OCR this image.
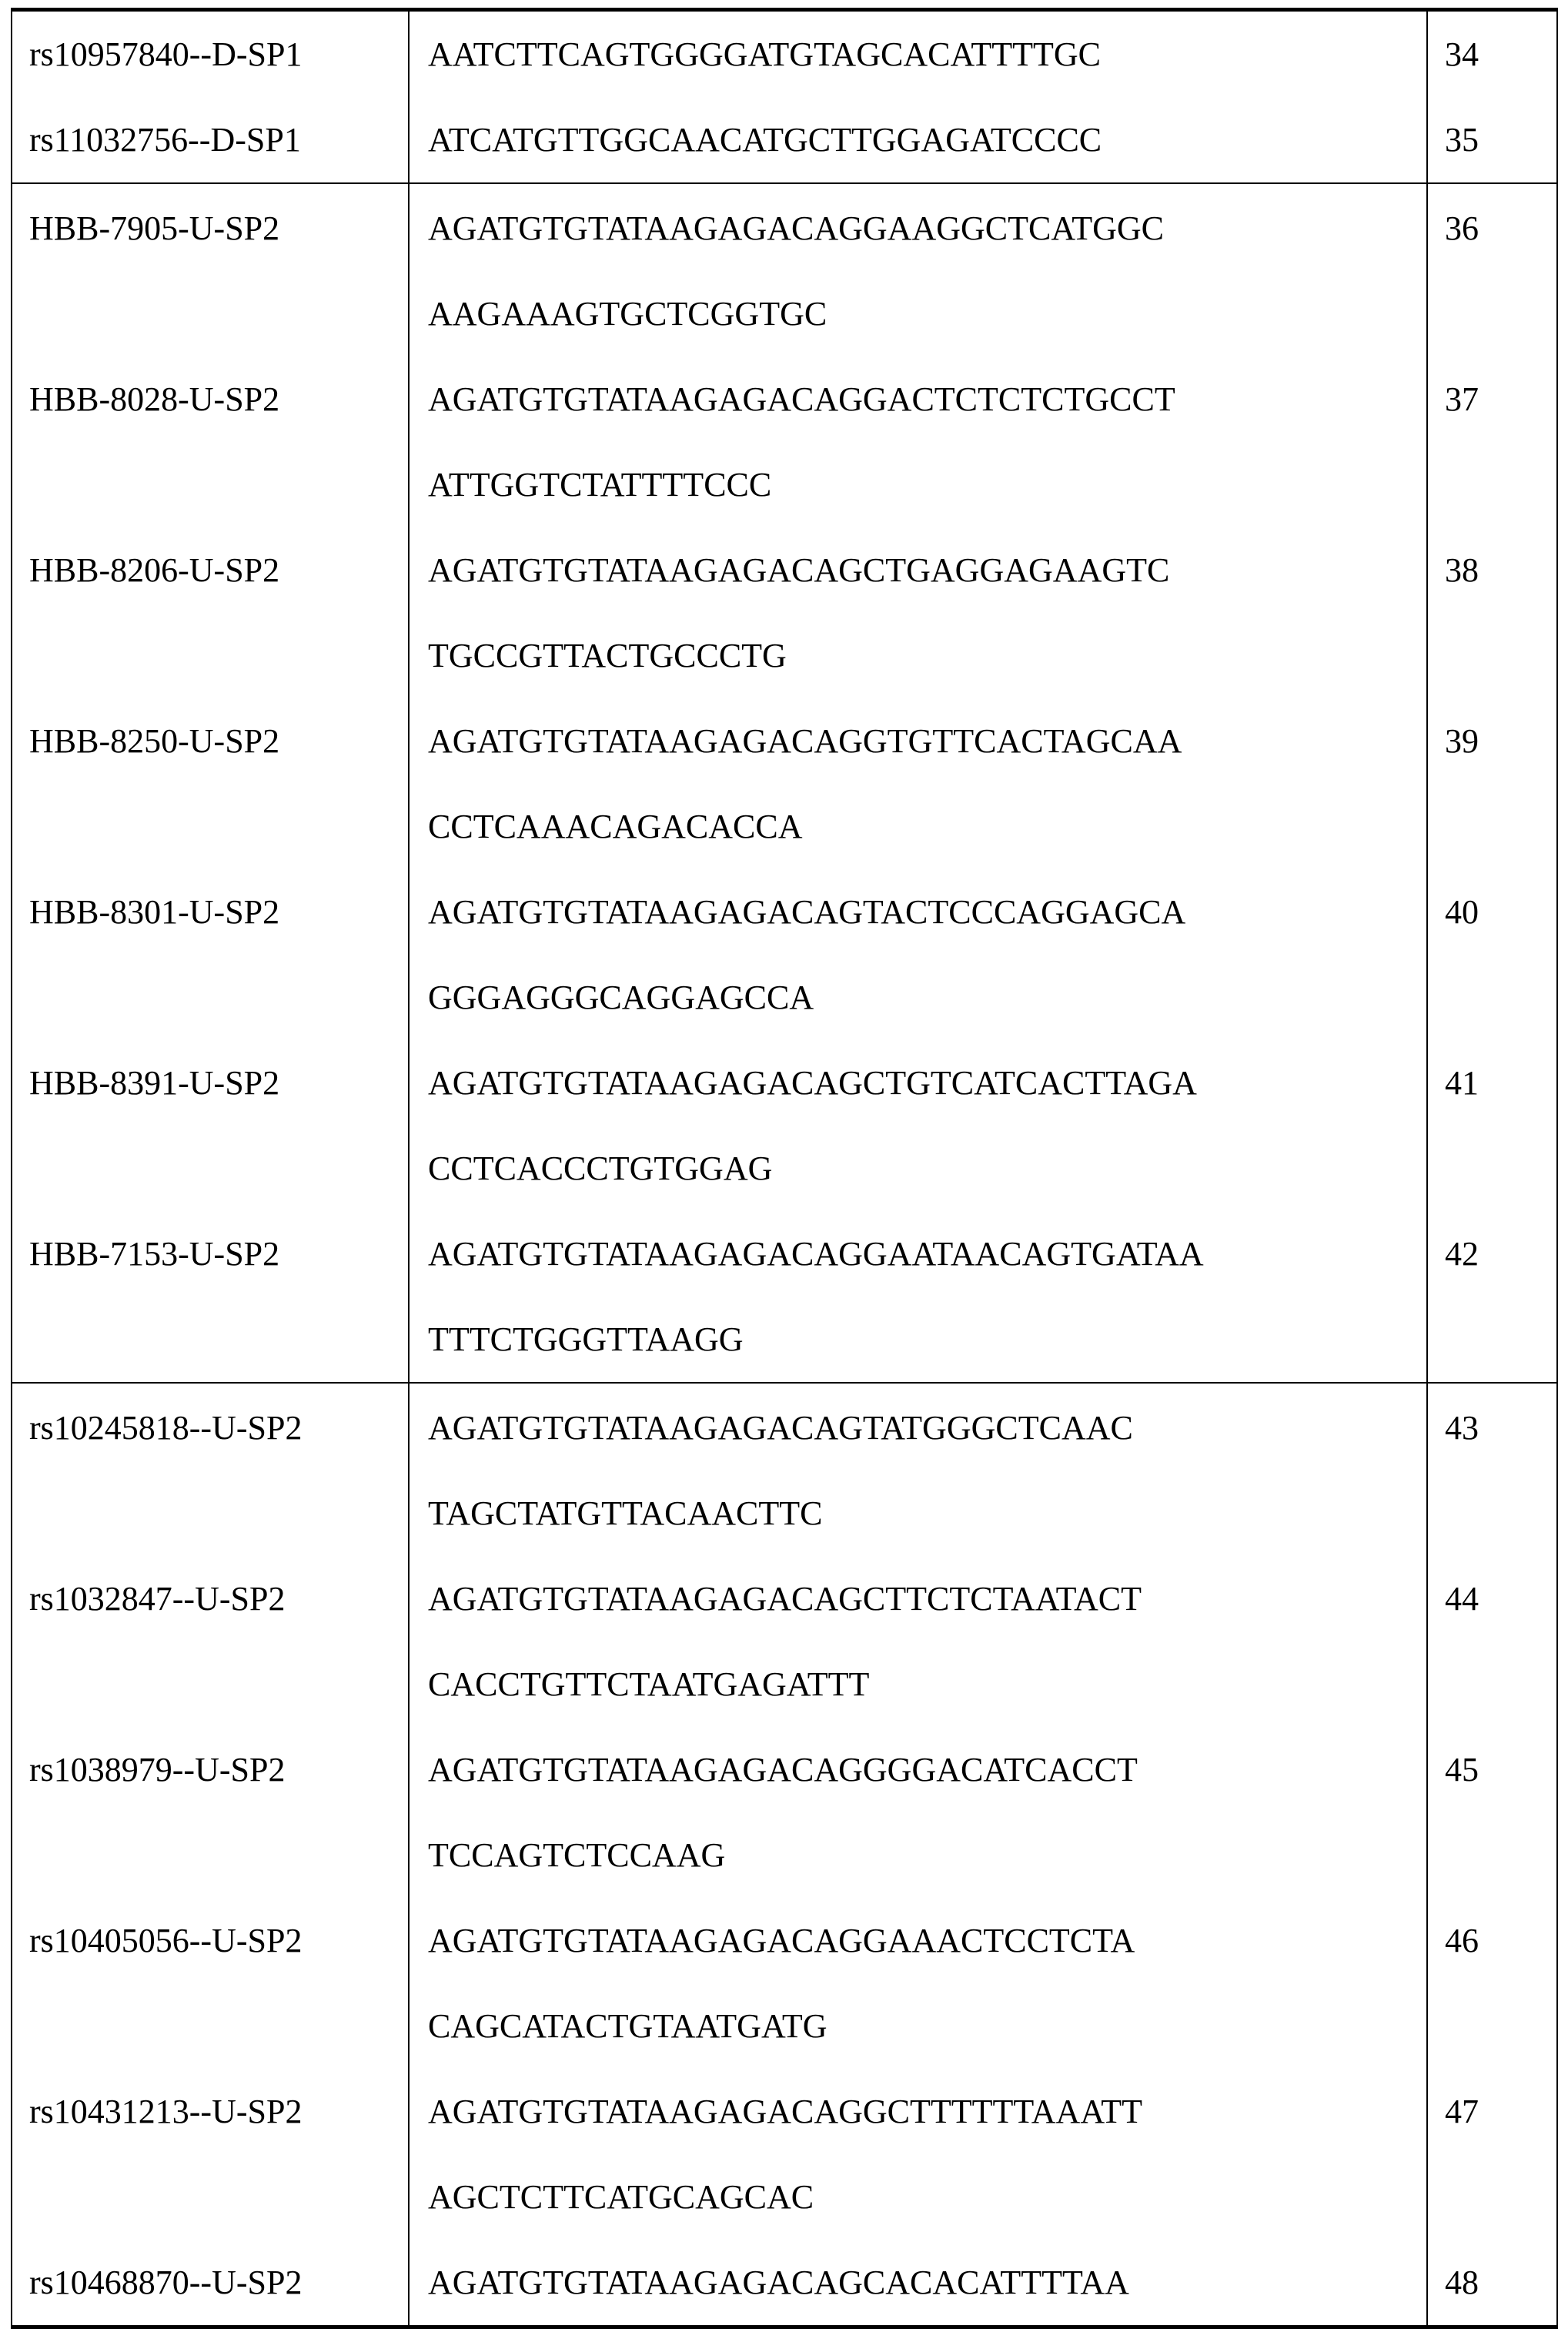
rs10957840--D-SP1	AATCTTCAGTGGGGATGTAGCACATTTTGC	34

rs11032756--D-SP1	ATCATGTTGGCAACATGCTTGGAGATCCCC	35

HBB-7905-U-SP2	AGATGTGTATAAGAGACAGGAAGGCTCATGGC
AAGAAAGTGCTCGGTGC

36

HBB-8028-U-SP2	AGATGTGTATAAGAGACAGGACTCTCTCTGCCT
ATTGGTCTATTTTCCC

37

HBB-8206-U-SP2	AGATGTGTATAAGAGACAGCTGAGGAGAAGTC
TGCCGTTACTGCCCTG

38

HBB-8250-U-SP2	AGATGTGTATAAGAGACAGGTGTTCACTAGCAA
CCTCAAACAGACACCA

39

HBB-8301-U-SP2	AGATGTGTATAAGAGACAGTACTCCCAGGAGCA
GGGAGGGCAGGAGCCA

40

HBB-8391-U-SP2	AGATGTGTATAAGAGACAGCTGTCATCACTTAGA
CCTCACCCTGTGGAG

41

HBB-7153-U-SP2	AGATGTGTATAAGAGACAGGAATAACAGTGATAA
TTTCTGGGTTAAGG

42

rs10245818--U-SP2	AGATGTGTATAAGAGACAGTATGGGCTCAAC
TAGCTATGTTACAACTTC

43

rs1032847--U-SP2	AGATGTGTATAAGAGACAGCTTCTCTAATACT
CACCTGTTCTAATGAGATTT

44

rs1038979--U-SP2	AGATGTGTATAAGAGACAGGGGACATCACCT
TCCAGTCTCCAAG

45

rs10405056--U-SP2	AGATGTGTATAAGAGACAGGAAACTCCTCTA
CAGCATACTGTAATGATG

46

rs10431213--U-SP2	AGATGTGTATAAGAGACAGGCTTTTTTAAATT
AGCTCTTCATGCAGCAC

47

rs10468870--U-SP2	AGATGTGTATAAGAGACAGCACACATTTTAA	48
